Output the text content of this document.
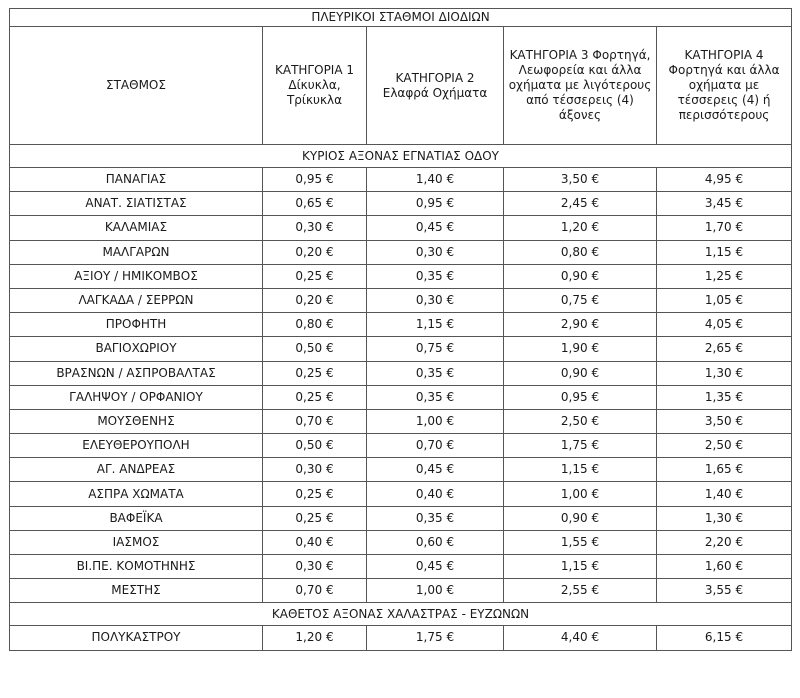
ΠΛΕΥΡΙΚΟΙ ΣΤΑΘΜΟΙ ΔΙΟΔΙΩΝ				
ΣΤΑΘΜΟΣ	ΚΑΤΗΓΟΡΙΑ 1 Δίκυκλα, Τρίκυκλα	ΚΑΤΗΓΟΡΙΑ 2 Ελαφρά Οχήματα	ΚΑΤΗΓΟΡΙΑ 3 Φορτηγά, Λεωφορεία και άλλα οχήματα με λιγότερους από τέσσερεις (4) άξονες	ΚΑΤΗΓΟΡΙΑ 4 Φορτηγά και άλλα οχήματα με τέσσερεις (4) ή περισσότερους
ΚΥΡΙΟΣ ΑΞΟΝΑΣ ΕΓΝΑΤΙΑΣ ΟΔΟΥ				
ΠΑΝΑΓΙΑΣ	0,95 €	1,40 €	3,50 €	4,95 €
ΑΝΑΤ. ΣΙΑΤΙΣΤΑΣ	0,65 €	0,95 €	2,45 €	3,45 €
ΚΑΛΑΜΙΑΣ	0,30 €	0,45 €	1,20 €	1,70 €
ΜΑΛΓΑΡΩΝ	0,20 €	0,30 €	0,80 €	1,15 €
ΑΞΙΟΥ / ΗΜΙΚΟΜΒΟΣ	0,25 €	0,35 €	0,90 €	1,25 €
ΛΑΓΚΑΔΑ / ΣΕΡΡΩΝ	0,20 €	0,30 €	0,75 €	1,05 €
ΠΡΟΦΗΤΗ	0,80 €	1,15 €	2,90 €	4,05 €
ΒΑΓΙΟΧΩΡΙΟΥ	0,50 €	0,75 €	1,90 €	2,65 €
ΒΡΑΣΝΩΝ / ΑΣΠΡΟΒΑΛΤΑΣ	0,25 €	0,35 €	0,90 €	1,30 €
ΓΑΛΗΨΟΥ / ΟΡΦΑΝΙΟΥ	0,25 €	0,35 €	0,95 €	1,35 €
ΜΟΥΣΘΕΝΗΣ	0,70 €	1,00 €	2,50 €	3,50 €
ΕΛΕΥΘΕΡΟΥΠΟΛΗ	0,50 €	0,70 €	1,75 €	2,50 €
ΑΓ. ΑΝΔΡΕΑΣ	0,30 €	0,45 €	1,15 €	1,65 €
ΑΣΠΡΑ ΧΩΜΑΤΑ	0,25 €	0,40 €	1,00 €	1,40 €
ΒΑΦΕΪΚΑ	0,25 €	0,35 €	0,90 €	1,30 €
ΙΑΣΜΟΣ	0,40 €	0,60 €	1,55 €	2,20 €
ΒΙ.ΠΕ. ΚΟΜΟΤΗΝΗΣ	0,30 €	0,45 €	1,15 €	1,60 €
ΜΕΣΤΗΣ	0,70 €	1,00 €	2,55 €	3,55 €
ΚΑΘΕΤΟΣ ΑΞΟΝΑΣ ΧΑΛΑΣΤΡΑΣ - ΕΥΖΩΝΩΝ				
ΠΟΛΥΚΑΣΤΡΟΥ	1,20 €	1,75 €	4,40 €	6,15 €
